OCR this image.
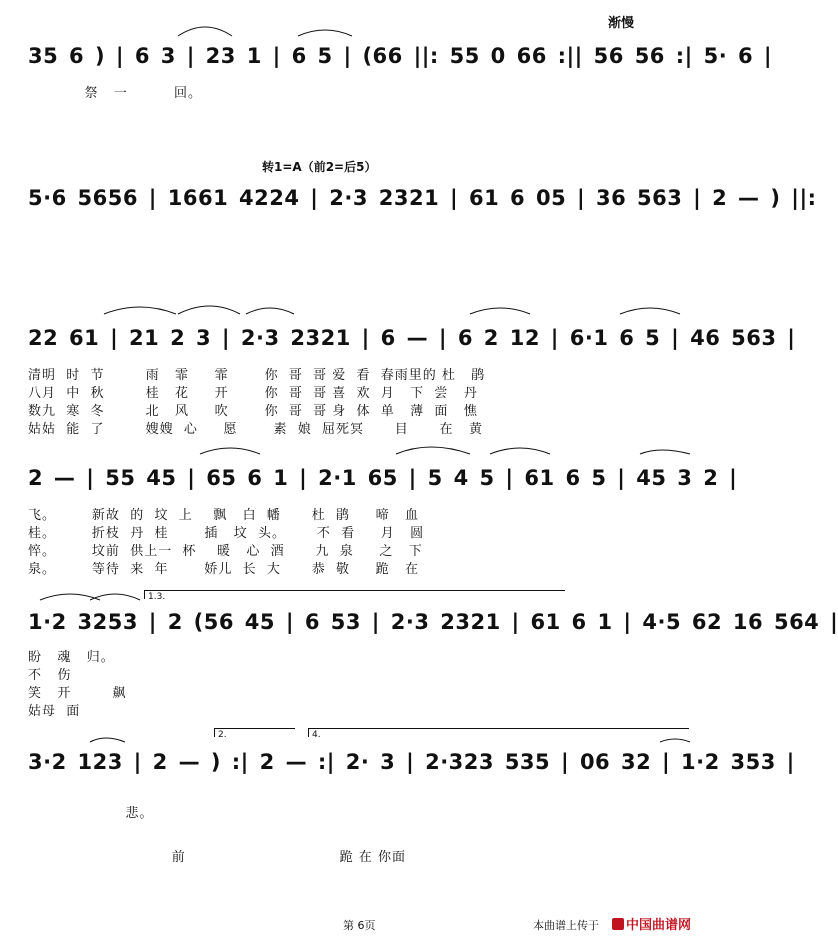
渐慢
35 6 ) | 6 3 | 23 1 | 6 5 | (66 ||: 55 0 66 :|| 56 56 :| 5· 6 |
祭   一         回。
转1=A（前2=后5）
5·6 5656 | 1661 4224 | 2·3 2321 | 61 6 05 | 36 563 | 2 — ) ||:
22 61 | 21 2 3 | 2·3 2321 | 6 — | 6 2 12 | 6·1 6 5 | 46 563 |
清明  时  节        雨   霏     霏       你  哥  哥 爱  看  春雨里的 杜   鹃
八月  中  秋        桂   花     开       你  哥  哥 喜  欢  月   下  尝   丹
数九  寒  冬        北   风     吹       你  哥  哥 身  体  单   薄  面   憔
姑姑  能  了        嫂嫂  心     愿       素  娘  屈死冥      目      在   黄
2 — | 55 45 | 65 6 1 | 2·1 65 | 5 4 5 | 61 6 5 | 45 3 2 |
飞。       新故  的  坟  上    飘   白  幡      杜  鹃     啼   血
桂。       折枝  丹  桂       插   坟  头。      不  看     月   圆
悴。       坟前  供上一  杯    暖   心  酒      九  泉     之   下
泉。       等待  来  年       娇儿  长  大      恭  敬     跪   在
1.3.
1·2 3253 | 2 (56 45 | 6 53 | 2·3 2321 | 61 6 1 | 4·5 62 16 564 |
盼   魂   归。
不   伤
笑   开        飙
姑母  面
2.	4.
3·2 123 | 2 — ) :| 2 — :| 2· 3 | 2·323 535 | 06 32 | 1·2 353 |
悲。
前                              跪 在 你面
第 6页	本曲谱上传于	中国曲谱网
